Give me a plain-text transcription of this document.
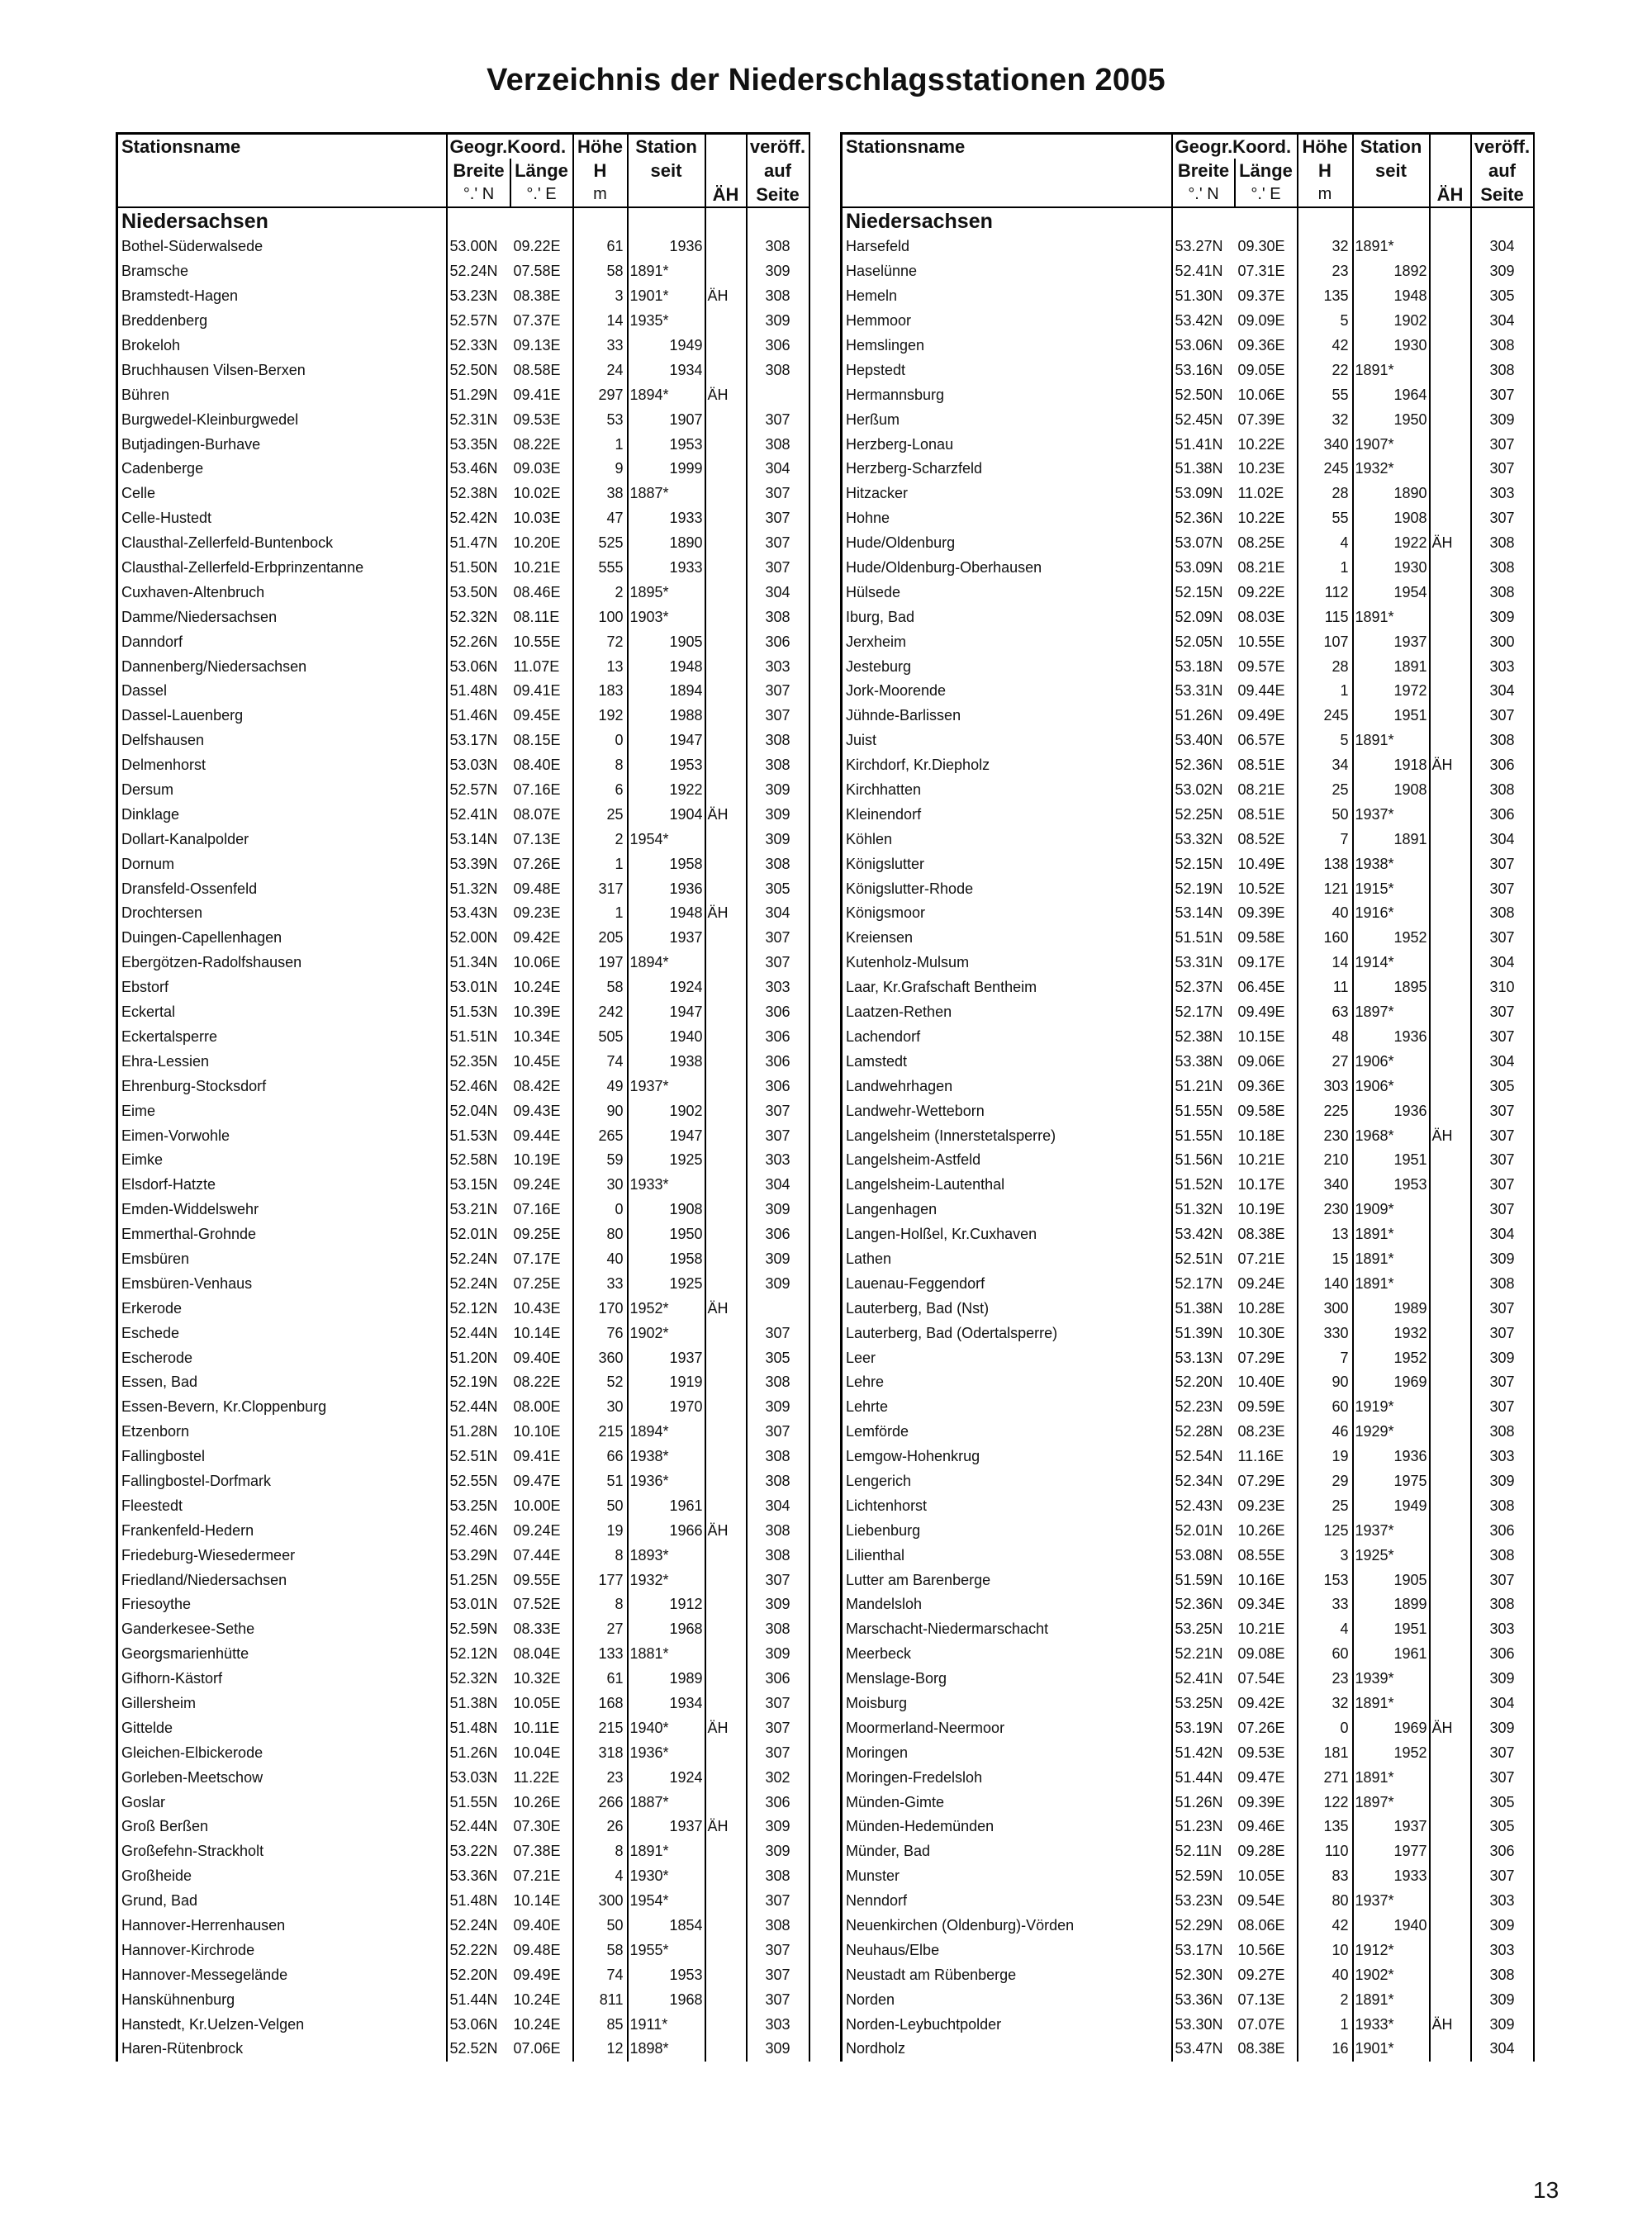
Verzeichnis der Niederschlagsstationen 2005
Stationsname	Geogr.Koord.		Höhe	Station		veröff.
	Breite	Länge	H	seit		auf
	°.' N	°.' E	m		ÄH	Seite
Niedersachsen						
Bothel-Süderwalsede	53.00N	09.22E	61	1936		308
Bramsche	52.24N	07.58E	58	1891*		309
Bramstedt-Hagen	53.23N	08.38E	3	1901*	ÄH	308
Breddenberg	52.57N	07.37E	14	1935*		309
Brokeloh	52.33N	09.13E	33	1949		306
Bruchhausen Vilsen-Berxen	52.50N	08.58E	24	1934		308
Bühren	51.29N	09.41E	297	1894*	ÄH	
Burgwedel-Kleinburgwedel	52.31N	09.53E	53	1907		307
Butjadingen-Burhave	53.35N	08.22E	1	1953		308
Cadenberge	53.46N	09.03E	9	1999		304
Celle	52.38N	10.02E	38	1887*		307
Celle-Hustedt	52.42N	10.03E	47	1933		307
Clausthal-Zellerfeld-Buntenbock	51.47N	10.20E	525	1890		307
Clausthal-Zellerfeld-Erbprinzentanne	51.50N	10.21E	555	1933		307
Cuxhaven-Altenbruch	53.50N	08.46E	2	1895*		304
Damme/Niedersachsen	52.32N	08.11E	100	1903*		308
Danndorf	52.26N	10.55E	72	1905		306
Dannenberg/Niedersachsen	53.06N	11.07E	13	1948		303
Dassel	51.48N	09.41E	183	1894		307
Dassel-Lauenberg	51.46N	09.45E	192	1988		307
Delfshausen	53.17N	08.15E	0	1947		308
Delmenhorst	53.03N	08.40E	8	1953		308
Dersum	52.57N	07.16E	6	1922		309
Dinklage	52.41N	08.07E	25	1904	ÄH	309
Dollart-Kanalpolder	53.14N	07.13E	2	1954*		309
Dornum	53.39N	07.26E	1	1958		308
Dransfeld-Ossenfeld	51.32N	09.48E	317	1936		305
Drochtersen	53.43N	09.23E	1	1948	ÄH	304
Duingen-Capellenhagen	52.00N	09.42E	205	1937		307
Ebergötzen-Radolfshausen	51.34N	10.06E	197	1894*		307
Ebstorf	53.01N	10.24E	58	1924		303
Eckertal	51.53N	10.39E	242	1947		306
Eckertalsperre	51.51N	10.34E	505	1940		306
Ehra-Lessien	52.35N	10.45E	74	1938		306
Ehrenburg-Stocksdorf	52.46N	08.42E	49	1937*		306
Eime	52.04N	09.43E	90	1902		307
Eimen-Vorwohle	51.53N	09.44E	265	1947		307
Eimke	52.58N	10.19E	59	1925		303
Elsdorf-Hatzte	53.15N	09.24E	30	1933*		304
Emden-Widdelswehr	53.21N	07.16E	0	1908		309
Emmerthal-Grohnde	52.01N	09.25E	80	1950		306
Emsbüren	52.24N	07.17E	40	1958		309
Emsbüren-Venhaus	52.24N	07.25E	33	1925		309
Erkerode	52.12N	10.43E	170	1952*	ÄH	
Eschede	52.44N	10.14E	76	1902*		307
Escherode	51.20N	09.40E	360	1937		305
Essen, Bad	52.19N	08.22E	52	1919		308
Essen-Bevern, Kr.Cloppenburg	52.44N	08.00E	30	1970		309
Etzenborn	51.28N	10.10E	215	1894*		307
Fallingbostel	52.51N	09.41E	66	1938*		308
Fallingbostel-Dorfmark	52.55N	09.47E	51	1936*		308
Fleestedt	53.25N	10.00E	50	1961		304
Frankenfeld-Hedern	52.46N	09.24E	19	1966	ÄH	308
Friedeburg-Wiesedermeer	53.29N	07.44E	8	1893*		308
Friedland/Niedersachsen	51.25N	09.55E	177	1932*		307
Friesoythe	53.01N	07.52E	8	1912		309
Ganderkesee-Sethe	52.59N	08.33E	27	1968		308
Georgsmarienhütte	52.12N	08.04E	133	1881*		309
Gifhorn-Kästorf	52.32N	10.32E	61	1989		306
Gillersheim	51.38N	10.05E	168	1934		307
Gittelde	51.48N	10.11E	215	1940*	ÄH	307
Gleichen-Elbickerode	51.26N	10.04E	318	1936*		307
Gorleben-Meetschow	53.03N	11.22E	23	1924		302
Goslar	51.55N	10.26E	266	1887*		306
Groß Berßen	52.44N	07.30E	26	1937	ÄH	309
Großefehn-Strackholt	53.22N	07.38E	8	1891*		309
Großheide	53.36N	07.21E	4	1930*		308
Grund, Bad	51.48N	10.14E	300	1954*		307
Hannover-Herrenhausen	52.24N	09.40E	50	1854		308
Hannover-Kirchrode	52.22N	09.48E	58	1955*		307
Hannover-Messegelände	52.20N	09.49E	74	1953		307
Hanskühnenburg	51.44N	10.24E	811	1968		307
Hanstedt, Kr.Uelzen-Velgen	53.06N	10.24E	85	1911*		303
Haren-Rütenbrock	52.52N	07.06E	12	1898*		309
Stationsname	Geogr.Koord.		Höhe	Station		veröff.
	Breite	Länge	H	seit		auf
	°.' N	°.' E	m		ÄH	Seite
Niedersachsen						
Harsefeld	53.27N	09.30E	32	1891*		304
Haselünne	52.41N	07.31E	23	1892		309
Hemeln	51.30N	09.37E	135	1948		305
Hemmoor	53.42N	09.09E	5	1902		304
Hemslingen	53.06N	09.36E	42	1930		308
Hepstedt	53.16N	09.05E	22	1891*		308
Hermannsburg	52.50N	10.06E	55	1964		307
Herßum	52.45N	07.39E	32	1950		309
Herzberg-Lonau	51.41N	10.22E	340	1907*		307
Herzberg-Scharzfeld	51.38N	10.23E	245	1932*		307
Hitzacker	53.09N	11.02E	28	1890		303
Hohne	52.36N	10.22E	55	1908		307
Hude/Oldenburg	53.07N	08.25E	4	1922	ÄH	308
Hude/Oldenburg-Oberhausen	53.09N	08.21E	1	1930		308
Hülsede	52.15N	09.22E	112	1954		308
Iburg, Bad	52.09N	08.03E	115	1891*		309
Jerxheim	52.05N	10.55E	107	1937		300
Jesteburg	53.18N	09.57E	28	1891		303
Jork-Moorende	53.31N	09.44E	1	1972		304
Jühnde-Barlissen	51.26N	09.49E	245	1951		307
Juist	53.40N	06.57E	5	1891*		308
Kirchdorf, Kr.Diepholz	52.36N	08.51E	34	1918	ÄH	306
Kirchhatten	53.02N	08.21E	25	1908		308
Kleinendorf	52.25N	08.51E	50	1937*		306
Köhlen	53.32N	08.52E	7	1891		304
Königslutter	52.15N	10.49E	138	1938*		307
Königslutter-Rhode	52.19N	10.52E	121	1915*		307
Königsmoor	53.14N	09.39E	40	1916*		308
Kreiensen	51.51N	09.58E	160	1952		307
Kutenholz-Mulsum	53.31N	09.17E	14	1914*		304
Laar, Kr.Grafschaft Bentheim	52.37N	06.45E	11	1895		310
Laatzen-Rethen	52.17N	09.49E	63	1897*		307
Lachendorf	52.38N	10.15E	48	1936		307
Lamstedt	53.38N	09.06E	27	1906*		304
Landwehrhagen	51.21N	09.36E	303	1906*		305
Landwehr-Wetteborn	51.55N	09.58E	225	1936		307
Langelsheim (Innerstetalsperre)	51.55N	10.18E	230	1968*	ÄH	307
Langelsheim-Astfeld	51.56N	10.21E	210	1951		307
Langelsheim-Lautenthal	51.52N	10.17E	340	1953		307
Langenhagen	51.32N	10.19E	230	1909*		307
Langen-Holßel, Kr.Cuxhaven	53.42N	08.38E	13	1891*		304
Lathen	52.51N	07.21E	15	1891*		309
Lauenau-Feggendorf	52.17N	09.24E	140	1891*		308
Lauterberg, Bad (Nst)	51.38N	10.28E	300	1989		307
Lauterberg, Bad (Odertalsperre)	51.39N	10.30E	330	1932		307
Leer	53.13N	07.29E	7	1952		309
Lehre	52.20N	10.40E	90	1969		307
Lehrte	52.23N	09.59E	60	1919*		307
Lemförde	52.28N	08.23E	46	1929*		308
Lemgow-Hohenkrug	52.54N	11.16E	19	1936		303
Lengerich	52.34N	07.29E	29	1975		309
Lichtenhorst	52.43N	09.23E	25	1949		308
Liebenburg	52.01N	10.26E	125	1937*		306
Lilienthal	53.08N	08.55E	3	1925*		308
Lutter am Barenberge	51.59N	10.16E	153	1905		307
Mandelsloh	52.36N	09.34E	33	1899		308
Marschacht-Niedermarschacht	53.25N	10.21E	4	1951		303
Meerbeck	52.21N	09.08E	60	1961		306
Menslage-Borg	52.41N	07.54E	23	1939*		309
Moisburg	53.25N	09.42E	32	1891*		304
Moormerland-Neermoor	53.19N	07.26E	0	1969	ÄH	309
Moringen	51.42N	09.53E	181	1952		307
Moringen-Fredelsloh	51.44N	09.47E	271	1891*		307
Münden-Gimte	51.26N	09.39E	122	1897*		305
Münden-Hedemünden	51.23N	09.46E	135	1937		305
Münder, Bad	52.11N	09.28E	110	1977		306
Munster	52.59N	10.05E	83	1933		307
Nenndorf	53.23N	09.54E	80	1937*		303
Neuenkirchen (Oldenburg)-Vörden	52.29N	08.06E	42	1940		309
Neuhaus/Elbe	53.17N	10.56E	10	1912*		303
Neustadt am Rübenberge	52.30N	09.27E	40	1902*		308
Norden	53.36N	07.13E	2	1891*		309
Norden-Leybuchtpolder	53.30N	07.07E	1	1933*	ÄH	309
Nordholz	53.47N	08.38E	16	1901*		304
13
